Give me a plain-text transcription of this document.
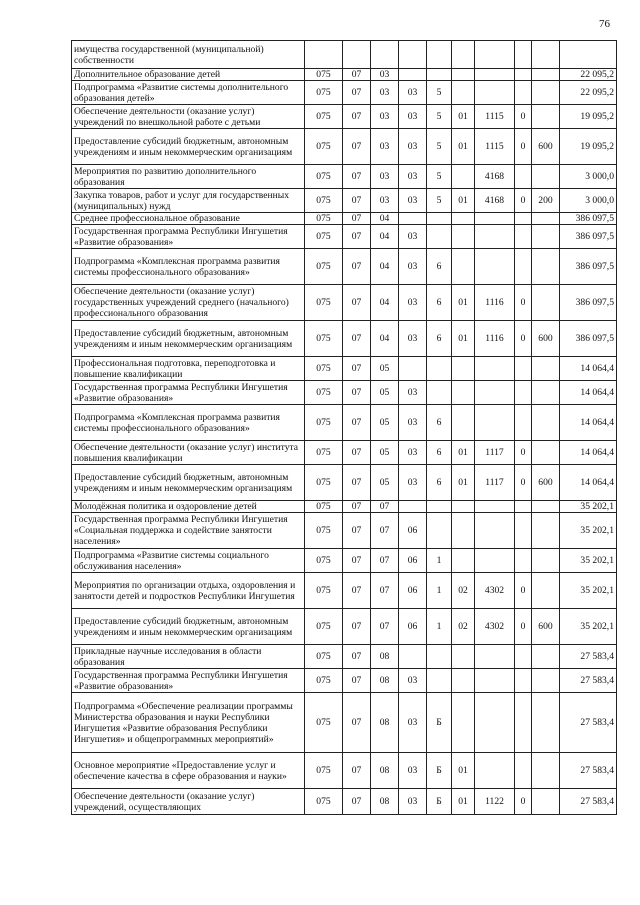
76
имущества государственной (муниципальной) собственности										
Дополнительное образование детей	075	07	03							22 095,2
Подпрограмма «Развитие системы дополнительного образования детей»	075	07	03	03	5					22 095,2
Обеспечение деятельности (оказание услуг) учреждений по внешкольной работе с детьми	075	07	03	03	5	01	1115	0		19 095,2
Предоставление субсидий бюджетным, автономным учреждениям и иным некоммерческим организациям	075	07	03	03	5	01	1115	0	600	19 095,2
Мероприятия по развитию дополнительного образования	075	07	03	03	5		4168			3 000,0
Закупка товаров, работ и услуг для государственных (муниципальных) нужд	075	07	03	03	5	01	4168	0	200	3 000,0
Среднее профессиональное образование	075	07	04							386 097,5
Государственная программа Республики Ингушетия «Развитие образования»	075	07	04	03						386 097,5
Подпрограмма «Комплексная программа развития системы профессионального образования»	075	07	04	03	6					386 097,5
Обеспечение деятельности (оказание услуг) государственных учреждений среднего (начального) профессионального образования	075	07	04	03	6	01	1116	0		386 097,5
Предоставление субсидий бюджетным, автономным учреждениям и иным некоммерческим организациям	075	07	04	03	6	01	1116	0	600	386 097,5
Профессиональная подготовка, переподготовка и повышение квалификации	075	07	05							14 064,4
Государственная программа Республики Ингушетия «Развитие образования»	075	07	05	03						14 064,4
Подпрограмма «Комплексная программа развития системы профессионального образования»	075	07	05	03	6					14 064,4
Обеспечение деятельности (оказание услуг) институтa повышения квалификации	075	07	05	03	6	01	1117	0		14 064,4
Предоставление субсидий бюджетным, автономным учреждениям и иным некоммерческим организациям	075	07	05	03	6	01	1117	0	600	14 064,4
Молодёжная политика и оздоровление детей	075	07	07							35 202,1
Государственная программа Республики Ингушетия «Социальная поддержка и содействие занятости населения»	075	07	07	06						35 202,1
Подпрограмма «Развитие системы социального обслуживания населения»	075	07	07	06	1					35 202,1
Мероприятия по организации отдыха, оздоровления и занятости детей и подростков Республики Ингушетия	075	07	07	06	1	02	4302	0		35 202,1
Предоставление субсидий бюджетным, автономным учреждениям и иным некоммерческим организациям	075	07	07	06	1	02	4302	0	600	35 202,1
Прикладные научные исследования в области образования	075	07	08							27 583,4
Государственная программа Республики Ингушетия «Развитие образования»	075	07	08	03						27 583,4
Подпрограмма «Обеспечение реализации программы Министерства образования и науки Республики Ингушетия «Развитие образования Республики Ингушетия» и общепрограммных мероприятий»	075	07	08	03	Б					27 583,4
Основное мероприятие «Предоставление услуг и обеспечение качества в сфере образования и науки»	075	07	08	03	Б	01				27 583,4
Обеспечение деятельности (оказание услуг) учреждений, осуществляющих	075	07	08	03	Б	01	1122	0		27 583,4
